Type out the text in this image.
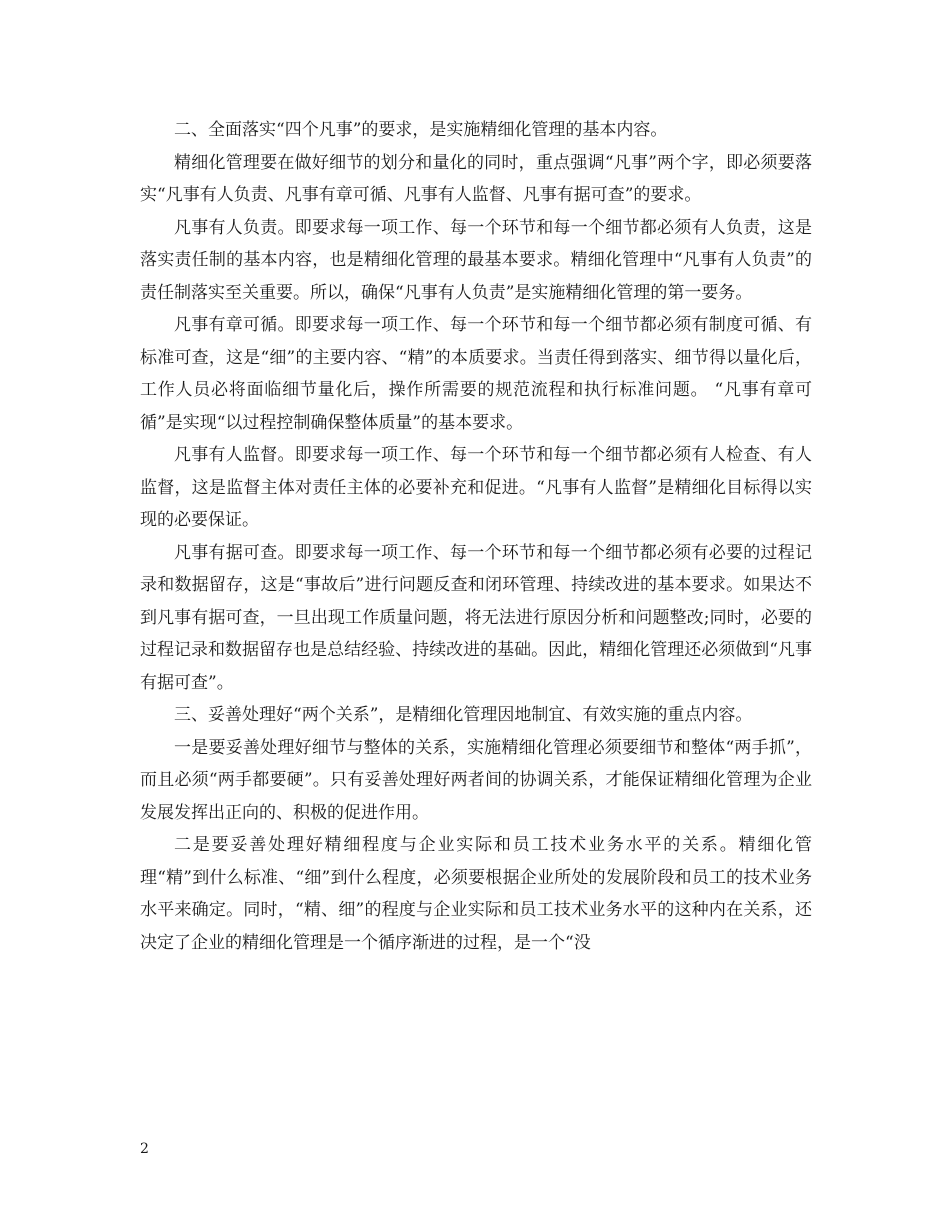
二、全面落实“四个凡事”的要求，是实施精细化管理的基本内容。

精细化管理要在做好细节的划分和量化的同时，重点强调“凡事”两个字，即必须要落实“凡事有人负责、凡事有章可循、凡事有人监督、凡事有据可查”的要求。

凡事有人负责。即要求每一项工作、每一个环节和每一个细节都必须有人负责，这是落实责任制的基本内容，也是精细化管理的最基本要求。精细化管理中“凡事有人负责”的责任制落实至关重要。所以，确保“凡事有人负责”是实施精细化管理的第一要务。

凡事有章可循。即要求每一项工作、每一个环节和每一个细节都必须有制度可循、有标准可查，这是“细”的主要内容、“精”的本质要求。当责任得到落实、细节得以量化后，工作人员必将面临细节量化后，操作所需要的规范流程和执行标准问题。 “凡事有章可循”是实现“以过程控制确保整体质量”的基本要求。

凡事有人监督。即要求每一项工作、每一个环节和每一个细节都必须有人检查、有人监督，这是监督主体对责任主体的必要补充和促进。“凡事有人监督”是精细化目标得以实现的必要保证。

凡事有据可查。即要求每一项工作、每一个环节和每一个细节都必须有必要的过程记录和数据留存，这是“事故后”进行问题反查和闭环管理、持续改进的基本要求。如果达不到凡事有据可查，一旦出现工作质量问题，将无法进行原因分析和问题整改;同时，必要的过程记录和数据留存也是总结经验、持续改进的基础。因此，精细化管理还必须做到“凡事有据可查”。

三、妥善处理好“两个关系”，是精细化管理因地制宜、有效实施的重点内容。

一是要妥善处理好细节与整体的关系，实施精细化管理必须要细节和整体“两手抓”，而且必须“两手都要硬”。只有妥善处理好两者间的协调关系，才能保证精细化管理为企业发展发挥出正向的、积极的促进作用。

二是要妥善处理好精细程度与企业实际和员工技术业务水平的关系。精细化管理“精”到什么标准、“细”到什么程度，必须要根据企业所处的发展阶段和员工的技术业务水平来确定。同时，“精、细”的程度与企业实际和员工技术业务水平的这种内在关系，还决定了企业的精细化管理是一个循序渐进的过程，是一个“没

2
